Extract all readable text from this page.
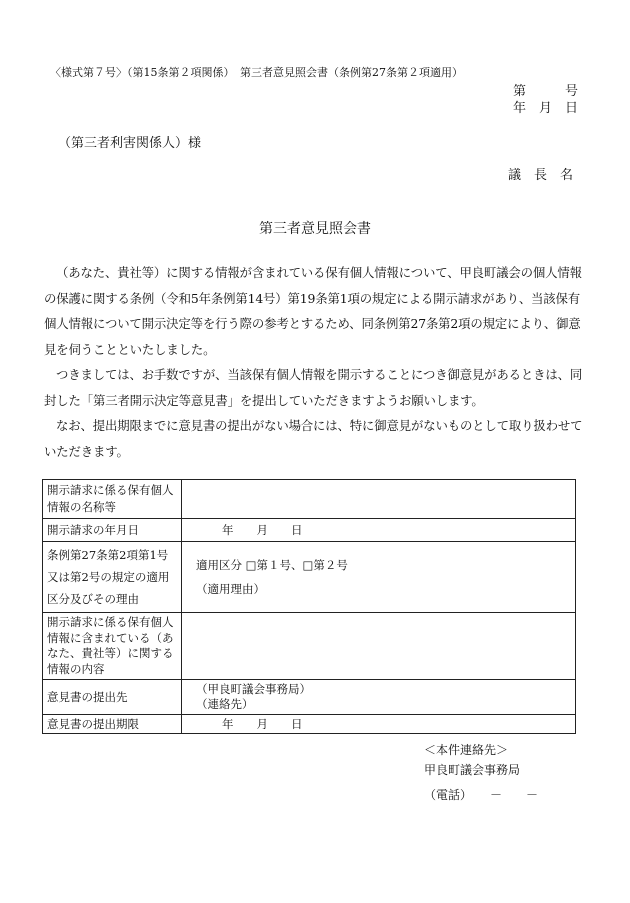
〈様式第７号〉（第15条第２項関係）　第三者意見照会書（条例第27条第２項適用）
第　　　号
年　月　日
（第三者利害関係人）様
議　長　名
第三者意見照会書

（あなた、貴社等）に関する情報が含まれている保有個人情報について、甲良町議会の個人情報の保護に関する条例（令和5年条例第14号）第19条第1項の規定による開示請求があり、当該保有個人情報について開示決定等を行う際の参考とするため、同条例第27条第2項の規定により、御意見を伺うことといたしました。

つきましては、お手数ですが、当該保有個人情報を開示することにつき御意見があるときは、同封した「第三者開示決定等意見書」を提出していただきますようお願いします。

なお、提出期限までに意見書の提出がない場合には、特に御意見がないものとして取り扱わせていただきます。

開示請求に係る保有個人情報の名称等	
開示請求の年月日	年　　月　　日
条例第27条第2項第1号又は第2号の規定の適用区分及びその理由	適用区分 □第１号、□第２号
（適用理由）

開示請求に係る保有個人情報に含まれている（あなた、貴社等）に関する情報の内容	
意見書の提出先	（甲良町議会事務局）
（連絡先）

意見書の提出期限	年　　月　　日
＜本件連絡先＞
甲良町議会事務局
（電話）　　－　　－
